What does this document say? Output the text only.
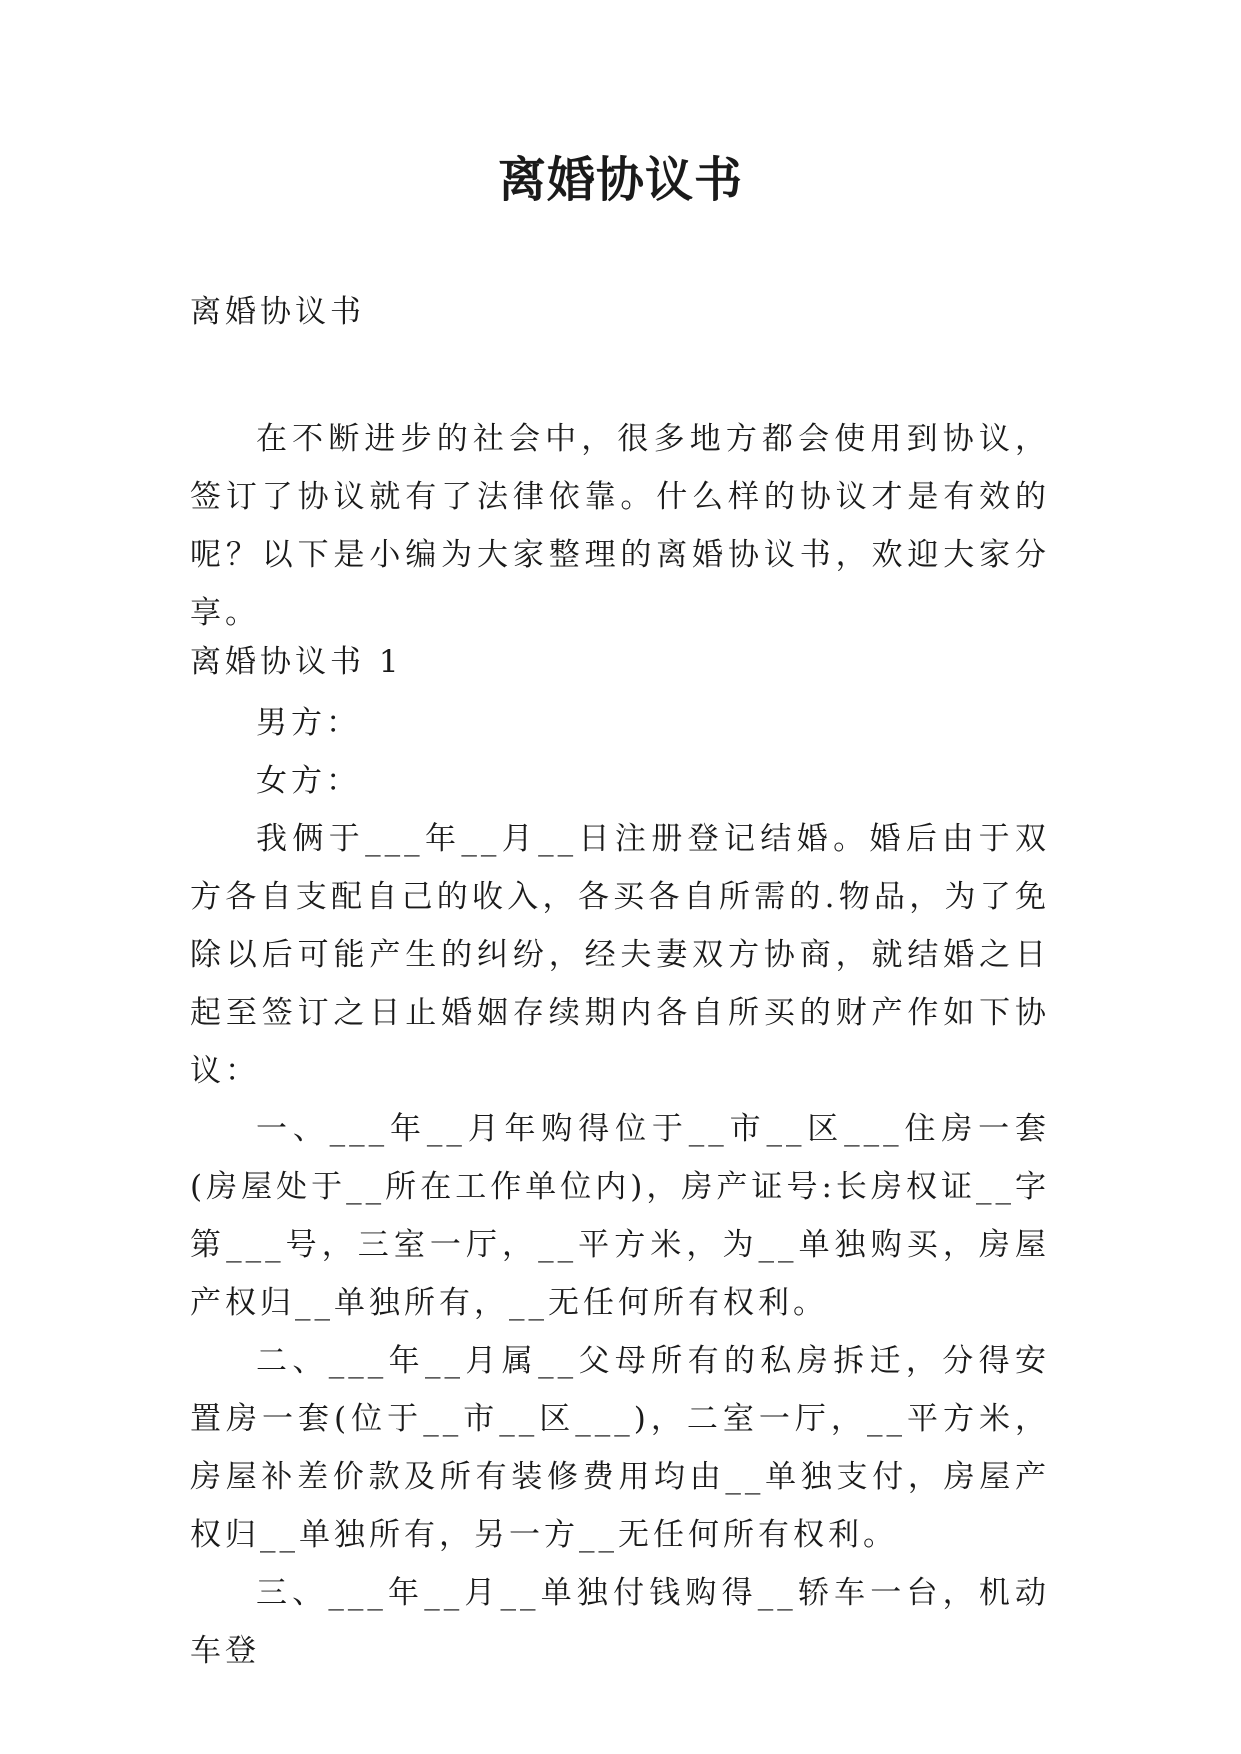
离婚协议书
离婚协议书

在不断进步的社会中，很多地方都会使用到协议，签订了协议就有了法律依靠。什么样的协议才是有效的呢？以下是小编为大家整理的离婚协议书，欢迎大家分享。

离婚协议书 1

男方：

女方：

我俩于___年__月__日注册登记结婚。婚后由于双方各自支配自己的收入，各买各自所需的.物品，为了免除以后可能产生的纠纷，经夫妻双方协商，就结婚之日起至签订之日止婚姻存续期内各自所买的财产作如下协议：

一、___年__月年购得位于__市__区___住房一套(房屋处于__所在工作单位内)，房产证号:长房权证__字第___号，三室一厅，__平方米，为__单独购买，房屋产权归__单独所有，__无任何所有权利。

二、___年__月属__父母所有的私房拆迁，分得安置房一套(位于__市__区___)，二室一厅，__平方米，房屋补差价款及所有装修费用均由__单独支付，房屋产权归__单独所有，另一方__无任何所有权利。

三、___年__月__单独付钱购得__轿车一台，机动车登
